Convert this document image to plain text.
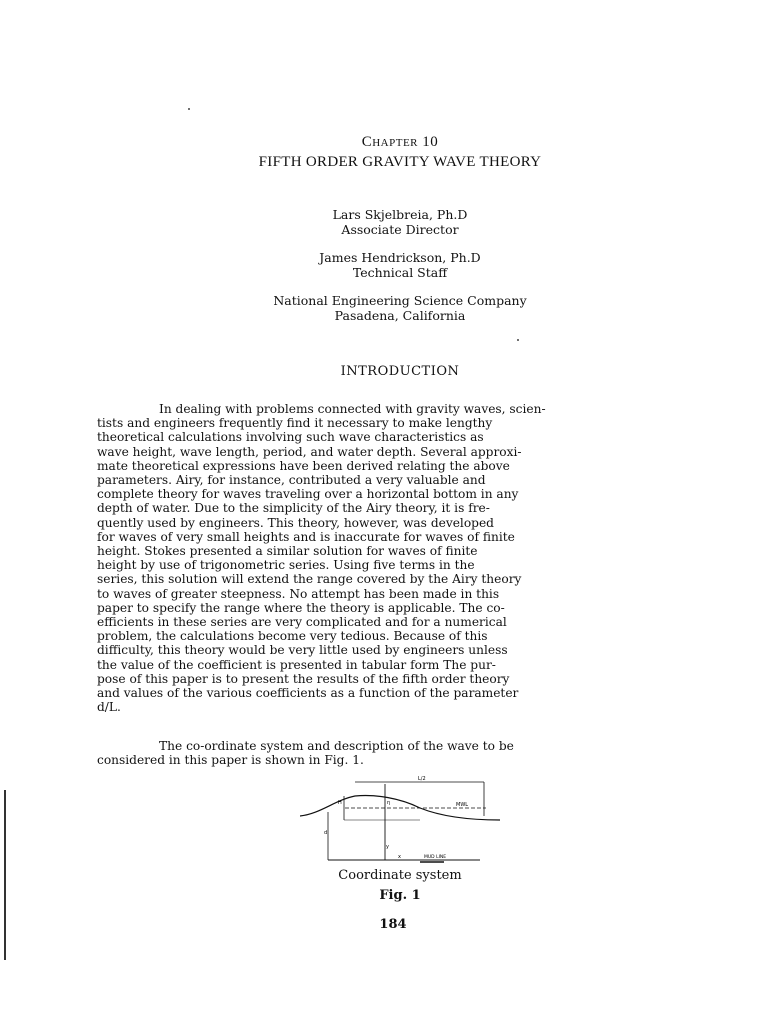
Chapter 10
FIFTH ORDER GRAVITY WAVE THEORY
Lars Skjelbreia, Ph.D
Associate Director
James Hendrickson, Ph.D
Technical Staff
National Engineering Science Company
Pasadena, California
INTRODUCTION
In dealing with problems connected with gravity waves, scien-
tists and engineers frequently find it necessary to make lengthy
theoretical calculations involving such wave characteristics as
wave height, wave length, period, and water depth. Several approxi-
mate theoretical expressions have been derived relating the above
parameters. Airy, for instance, contributed a very valuable and
complete theory for waves traveling over a horizontal bottom in any
depth of water. Due to the simplicity of the Airy theory, it is fre-
quently used by engineers. This theory, however, was developed
for waves of very small heights and is inaccurate for waves of finite
height. Stokes presented a similar solution for waves of finite
height by use of trigonometric series. Using five terms in the
series, this solution will extend the range covered by the Airy theory
to waves of greater steepness. No attempt has been made in this
paper to specify the range where the theory is applicable. The co-
efficients in these series are very complicated and for a numerical
problem, the calculations become very tedious. Because of this
difficulty, this theory would be very little used by engineers unless
the value of the coefficient is presented in tabular form The pur-
pose of this paper is to present the results of the fifth order theory
and values of the various coefficients as a function of the parameter
d/L.
The co-ordinate system and description of the wave to be
considered in this paper is shown in Fig. 1.
L/2
MWL
MUD LINE
H	η
y
d
x
Coordinate system
Fig. 1
184
